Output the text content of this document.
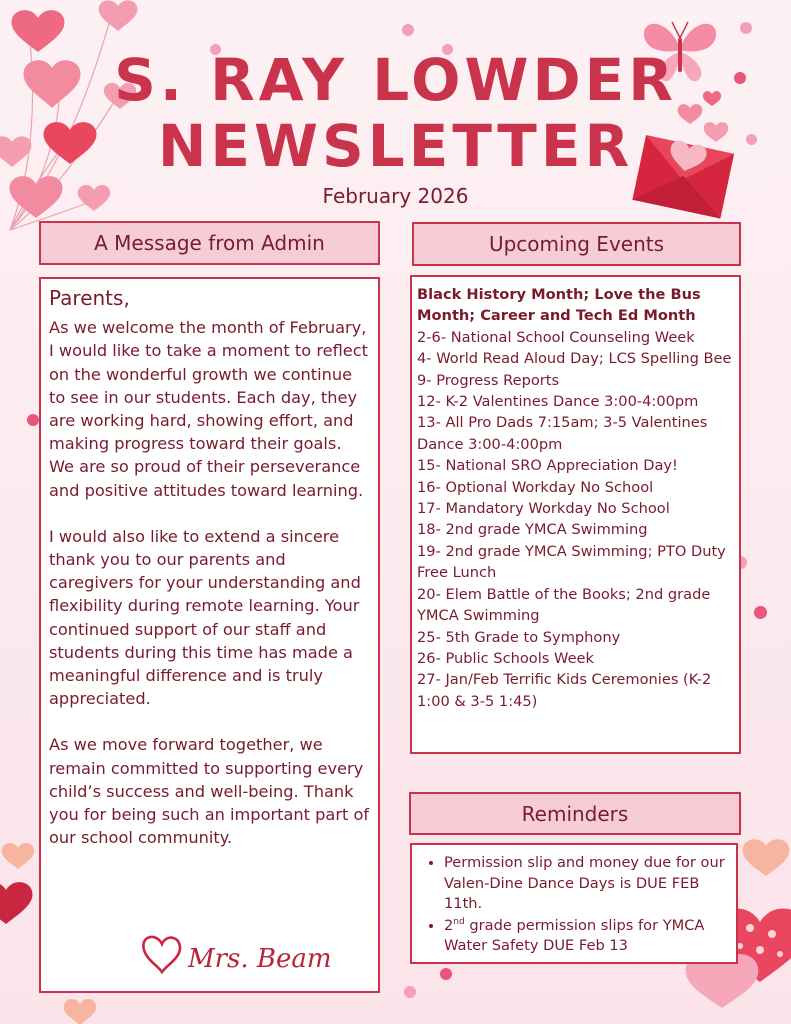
S. RAY LOWDER
NEWSLETTER
February 2026
A Message from Admin
Parents,

As we welcome the month of February, I would like to take a moment to reflect on the wonderful growth we continue to see in our students. Each day, they are working hard, showing effort, and making progress toward their goals. We are so proud of their perseverance and positive attitudes toward learning.

I would also like to extend a sincere thank you to our parents and caregivers for your understanding and flexibility during remote learning. Your continued support of our staff and students during this time has made a meaningful difference and is truly appreciated.

As we move forward together, we remain committed to supporting every child’s success and well-being. Thank you for being such an important part of our school community.

Mrs. Beam
Upcoming Events
Black History Month; Love the Bus Month; Career and Tech Ed Month
2-6- National School Counseling Week
4- World Read Aloud Day; LCS Spelling Bee
9- Progress Reports
12- K-2 Valentines Dance 3:00-4:00pm
13- All Pro Dads 7:15am; 3-5 Valentines Dance 3:00-4:00pm
15- National SRO Appreciation Day!
16- Optional Workday No School
17- Mandatory Workday No School
18- 2nd grade YMCA Swimming
19- 2nd grade YMCA Swimming; PTO Duty Free Lunch
20- Elem Battle of the Books; 2nd grade YMCA Swimming
25- 5th Grade to Symphony
26- Public Schools Week
27- Jan/Feb Terrific Kids Ceremonies (K-2 1:00 & 3-5 1:45)
Reminders
• Permission slip and money due for our Valen-Dine Dance Days is DUE FEB 11th.
• 2nd grade permission slips for YMCA Water Safety DUE Feb 13
